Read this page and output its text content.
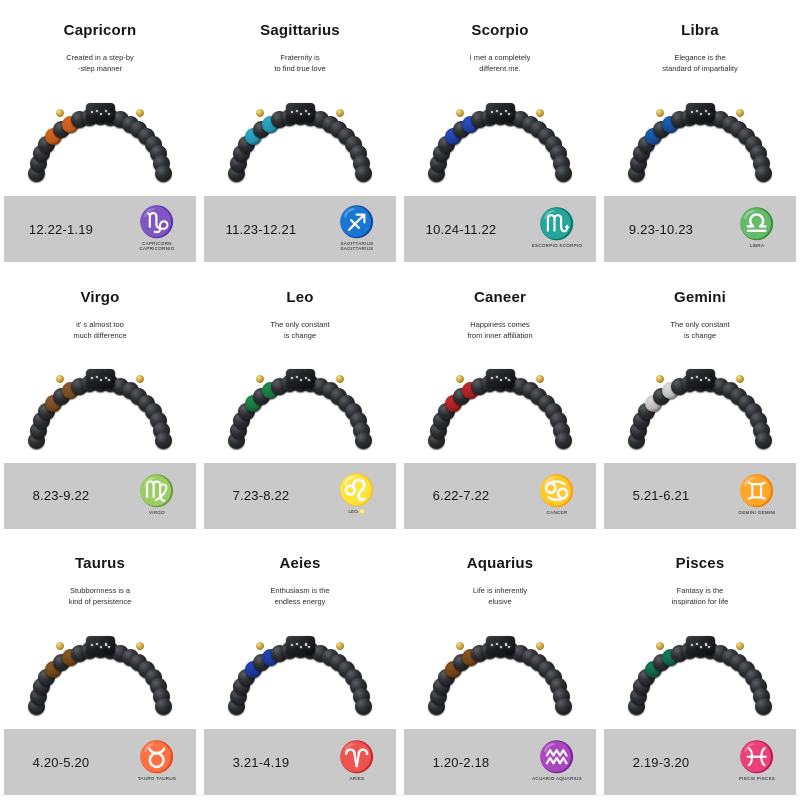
Capricorn
Created in a step-by
-step manner
12.22-1.19	♑
CAPRICORN
CAPRICORNIO
Sagittarius
Fraternity is
to find true love
11.23-12.21	♐
SAGITTARIUS
SAGITTARIUS
Scorpio
I met a completely
different me.
10.24-11.22	♏
ESCORPIO SCORPIO
Libra
Elegance is the
standard of impartiality
9.23-10.23	♎
LIBRA
Virgo
it’ s almost too
much difference
8.23-9.22	♍
VIRGO
Leo
The only constant
is change
7.23-8.22	♌
LEO ♌
Caneer
Happiness comes
from inner affiliation
6.22-7.22	♋
CANCER
Gemini
The only constant
is change
5.21-6.21	♊
GEMINI GEMINI
Taurus
Stubbornness is a
kind of persistence
4.20-5.20	♉
TAURO TAURUS
Aeies
Enthusiasm is the
endless energy
3.21-4.19	♈
ARIES
Aquarius
Life is inherently
elusive
1.20-2.18	♒
ACUARIO AQUARIUS
Pisces
Fantasy is the
inspiration for life
2.19-3.20	♓
PISCIS PISCES
